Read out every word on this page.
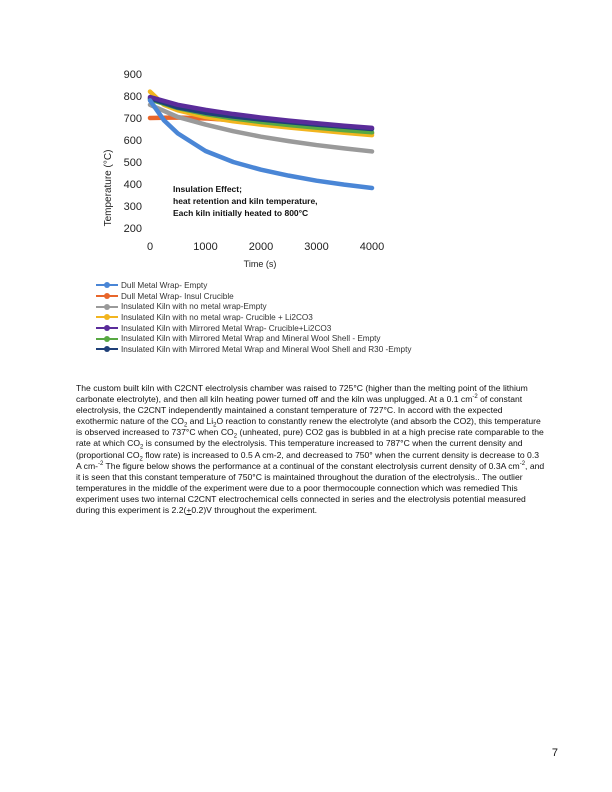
200
300
400
500
600
700
800
900
0	1000	2000	3000	4000
Temperature (°C)
Time (s)
Insulation Effect;
heat retention and kiln temperature,
Each kiln initially heated to 800°C
Dull Metal Wrap- Empty
Dull Metal Wrap- Insul Crucible
Insulated Kiln with no metal wrap-Empty
Insulated Kiln with no metal wrap- Crucible + Li2CO3
Insulated Kiln with Mirrored Metal Wrap- Crucible+Li2CO3
Insulated Kiln with Mirrored Metal Wrap and Mineral Wool Shell - Empty
Insulated Kiln with Mirrored Metal Wrap and Mineral Wool Shell and R30 -Empty

The custom built kiln with C2CNT electrolysis chamber was raised to 725°C (higher than the melting point of the lithium carbonate electrolyte), and then all kiln heating power turned off and the kiln was unplugged. At a 0.1 $cm^{-2}$ of constant electrolysis, the C2CNT independently maintained a constant temperature of 727°C. In accord with the expected exothermic nature of the $CO_2$ and $Li_2O$ reaction to constantly renew the electrolyte (and absorb the CO2), this temperature is observed increased to 737°C when $CO_2$ (unheated, pure) CO2 gas is bubbled in at a high precise rate comparable to the rate at which $CO_2$ is consumed by the electrolysis. This temperature increased to 787°C when the current density and (proportional $CO_2$ flow rate) is increased to 0.5 A cm-2, and decreased to 750° when the current density is decrease to 0.3 A cm-$^{-2}$ The figure below shows the performance at a continual of the constant electrolysis current density of 0.3A $cm^{-2}$, and it is seen that this constant temperature of 750°C is maintained throughout the duration of the electrolysis.. The outlier temperatures in the middle of the experiment were due to a poor thermocouple connection which was remedied This experiment uses two internal C2CNT electrochemical cells connected in series and the electrolysis potential measured during this experiment is 2.2(+0.2)V throughout the experiment.

7
